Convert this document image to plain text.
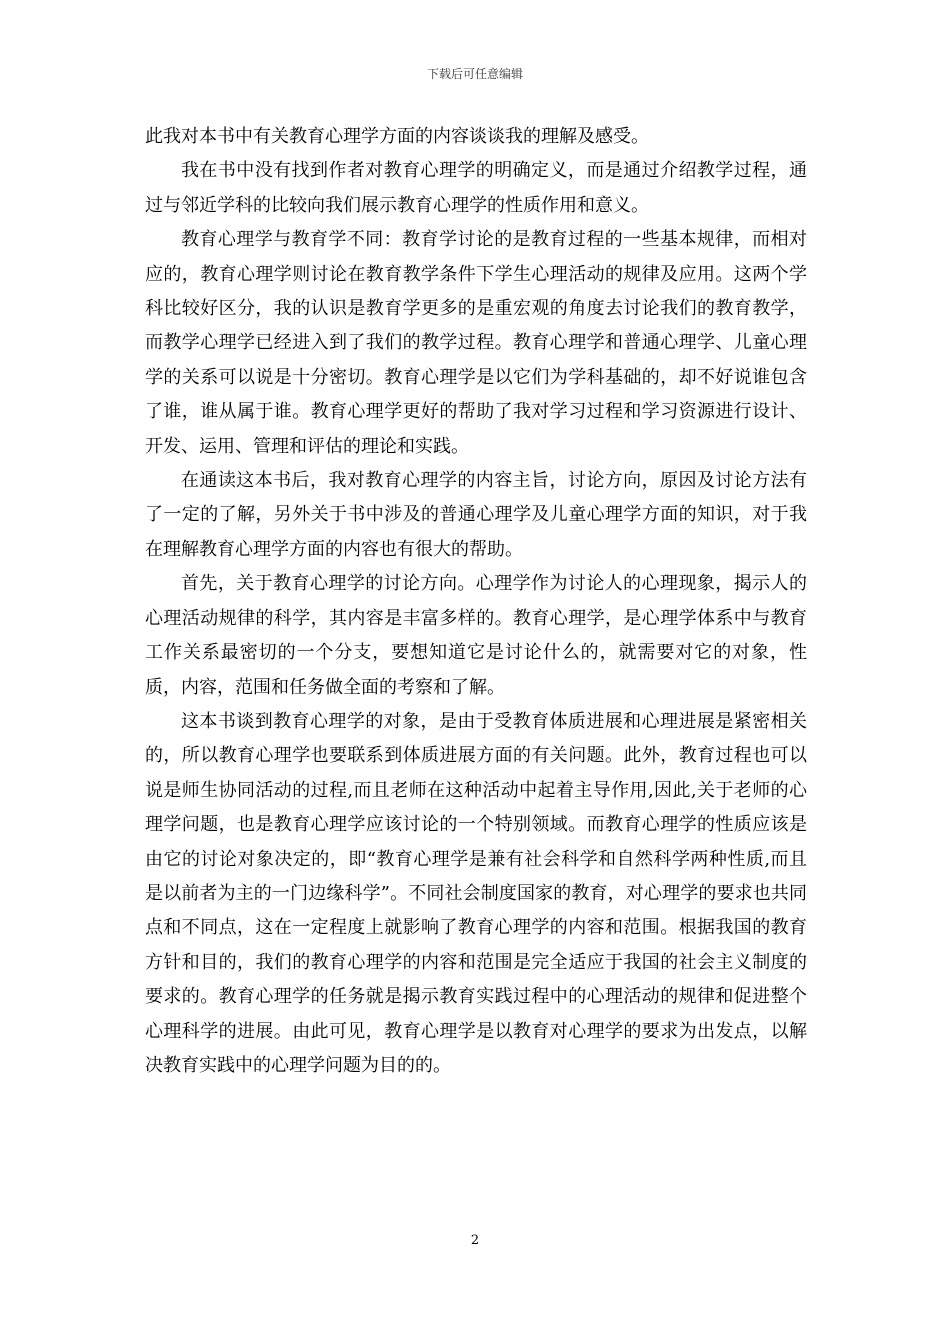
下载后可任意编辑

此我对本书中有关教育心理学方面的内容谈谈我的理解及感受。

我在书中没有找到作者对教育心理学的明确定义，而是通过介绍教学过程，通过与邻近学科的比较向我们展示教育心理学的性质作用和意义。

教育心理学与教育学不同：教育学讨论的是教育过程的一些基本规律，而相对应的，教育心理学则讨论在教育教学条件下学生心理活动的规律及应用。这两个学科比较好区分，我的认识是教育学更多的是重宏观的角度去讨论我们的教育教学，而教学心理学已经进入到了我们的教学过程。教育心理学和普通心理学、儿童心理学的关系可以说是十分密切。教育心理学是以它们为学科基础的，却不好说谁包含了谁，谁从属于谁。教育心理学更好的帮助了我对学习过程和学习资源进行设计、开发、运用、管理和评估的理论和实践。

在通读这本书后，我对教育心理学的内容主旨，讨论方向，原因及讨论方法有了一定的了解，另外关于书中涉及的普通心理学及儿童心理学方面的知识，对于我在理解教育心理学方面的内容也有很大的帮助。

首先，关于教育心理学的讨论方向。心理学作为讨论人的心理现象，揭示人的心理活动规律的科学，其内容是丰富多样的。教育心理学，是心理学体系中与教育工作关系最密切的一个分支，要想知道它是讨论什么的，就需要对它的对象，性质，内容，范围和任务做全面的考察和了解。

这本书谈到教育心理学的对象，是由于受教育体质进展和心理进展是紧密相关的，所以教育心理学也要联系到体质进展方面的有关问题。此外，教育过程也可以说是师生协同活动的过程,而且老师在这种活动中起着主导作用,因此,关于老师的心理学问题，也是教育心理学应该讨论的一个特别领域。而教育心理学的性质应该是由它的讨论对象决定的，即“教育心理学是兼有社会科学和自然科学两种性质,而且是以前者为主的一门边缘科学”。不同社会制度国家的教育，对心理学的要求也共同点和不同点，这在一定程度上就影响了教育心理学的内容和范围。根据我国的教育方针和目的，我们的教育心理学的内容和范围是完全适应于我国的社会主义制度的要求的。教育心理学的任务就是揭示教育实践过程中的心理活动的规律和促进整个心理科学的进展。由此可见，教育心理学是以教育对心理学的要求为出发点，以解决教育实践中的心理学问题为目的的。

2
